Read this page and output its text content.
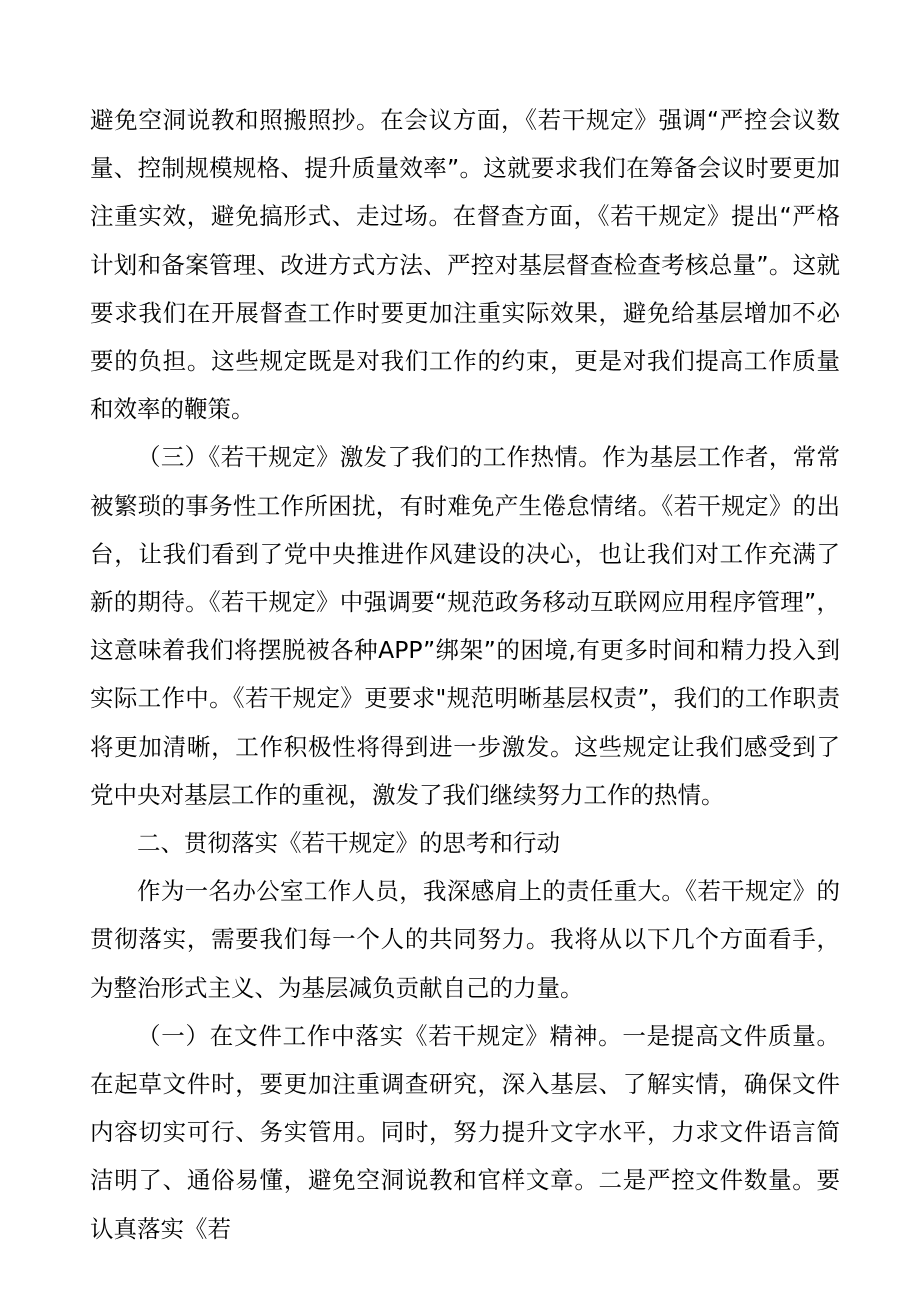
避免空洞说教和照搬照抄。在会议方面，《若干规定》强调“严控会议数量、控制规模规格、提升质量效率”。这就要求我们在筹备会议时要更加注重实效，避免搞形式、走过场。在督查方面，《若干规定》提出“严格计划和备案管理、改进方式方法、严控对基层督查检查考核总量”。这就要求我们在开展督查工作时要更加注重实际效果，避免给基层增加不必要的负担。这些规定既是对我们工作的约束，更是对我们提高工作质量和效率的鞭策。

（三）《若干规定》激发了我们的工作热情。作为基层工作者，常常被繁琐的事务性工作所困扰，有时难免产生倦怠情绪。《若干规定》的出台，让我们看到了党中央推进作风建设的决心，也让我们对工作充满了新的期待。《若干规定》中强调要“规范政务移动互联网应用程序管理”，这意味着我们将摆脱被各种APP”绑架”的困境,有更多时间和精力投入到实际工作中。《若干规定》更要求"规范明晰基层权责”，我们的工作职责将更加清晰，工作积极性将得到进一步激发。这些规定让我们感受到了党中央对基层工作的重视，激发了我们继续努力工作的热情。

二、贯彻落实《若干规定》的思考和行动

作为一名办公室工作人员，我深感肩上的责任重大。《若干规定》的贯彻落实，需要我们每一个人的共同努力。我将从以下几个方面看手，为整治形式主义、为基层减负贡献自己的力量。

（一）在文件工作中落实《若干规定》精神。一是提高文件质量。在起草文件时，要更加注重调查研究，深入基层、了解实情，确保文件内容切实可行、务实管用。同时，努力提升文字水平，力求文件语言简洁明了、通俗易懂，避免空洞说教和官样文章。二是严控文件数量。要认真落实《若
